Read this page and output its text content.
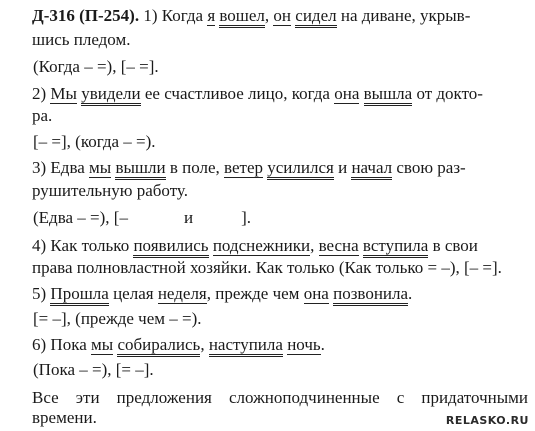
Д-316 (П-254). 1) Когда я вошел, он сидел на диване, укрыв-
шись пледом.
(Когда – =), [– =].
2) Мы увидели ее счастливое лицо, когда она вышла от докто-
ра.
[– =], (когда – =).
3) Едва мы вышли в поле, ветер усилился и начал свою раз-
рушительную работу.
(Едва – =), [–	и	].
4) Как только появились подснежники, весна вступила в свои
права полновластной хозяйки. Как только (Как только = –), [– =].
5) Прошла целая неделя, прежде чем она позвонила.
[= –], (прежде чем – =).
6) Пока мы собирались, наступила ночь.
(Пока – =), [= –].
Все эти предложения сложноподчиненные с придаточными
времени.	RELASKO.RU
